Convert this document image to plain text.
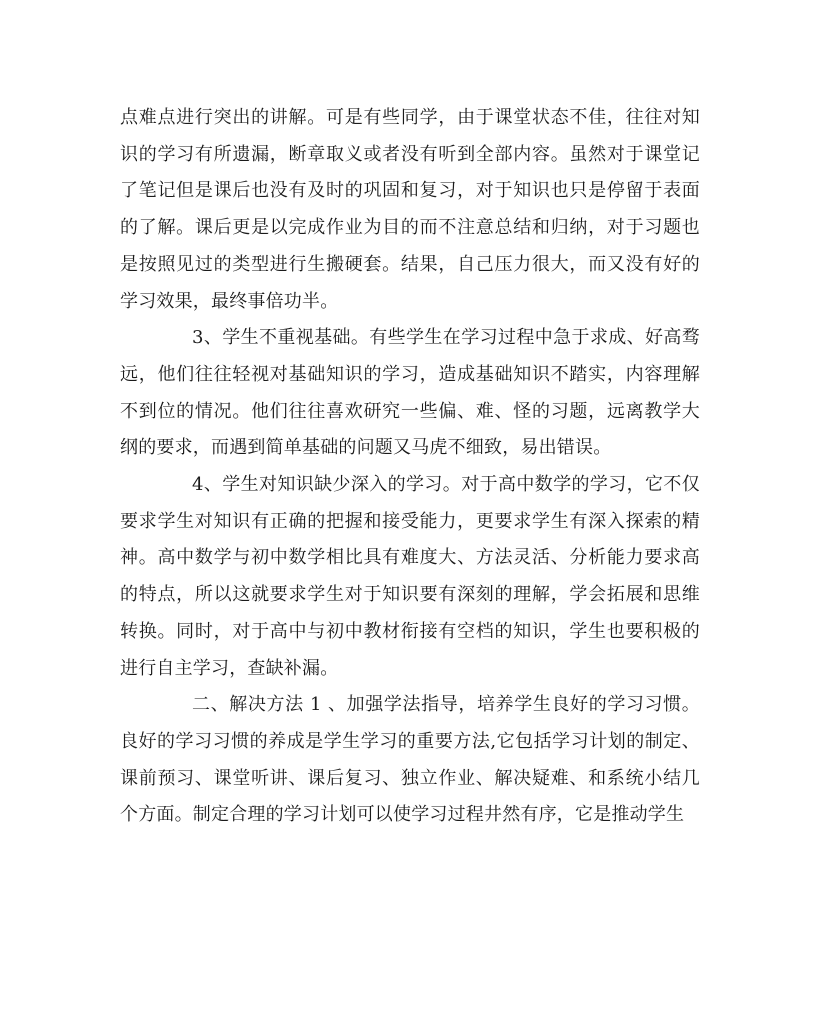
点难点进行突出的讲解。可是有些同学，由于课堂状态不佳，往往对知识的学习有所遗漏，断章取义或者没有听到全部内容。虽然对于课堂记了笔记但是课后也没有及时的巩固和复习，对于知识也只是停留于表面的了解。课后更是以完成作业为目的而不注意总结和归纳，对于习题也是按照见过的类型进行生搬硬套。结果，自己压力很大，而又没有好的学习效果，最终事倍功半。

3、学生不重视基础。有些学生在学习过程中急于求成、好高骛远，他们往往轻视对基础知识的学习，造成基础知识不踏实，内容理解不到位的情况。他们往往喜欢研究一些偏、难、怪的习题，远离教学大纲的要求，而遇到简单基础的问题又马虎不细致，易出错误。

4、学生对知识缺少深入的学习。对于高中数学的学习，它不仅要求学生对知识有正确的把握和接受能力，更要求学生有深入探索的精神。高中数学与初中数学相比具有难度大、方法灵活、分析能力要求高的特点，所以这就要求学生对于知识要有深刻的理解，学会拓展和思维转换。同时，对于高中与初中教材衔接有空档的知识，学生也要积极的进行自主学习，查缺补漏。

二、解决方法 1 、加强学法指导，培养学生良好的学习习惯。良好的学习习惯的养成是学生学习的重要方法,它包括学习计划的制定、课前预习、课堂听讲、课后复习、独立作业、解决疑难、和系统小结几个方面。制定合理的学习计划可以使学习过程井然有序，它是推动学生
